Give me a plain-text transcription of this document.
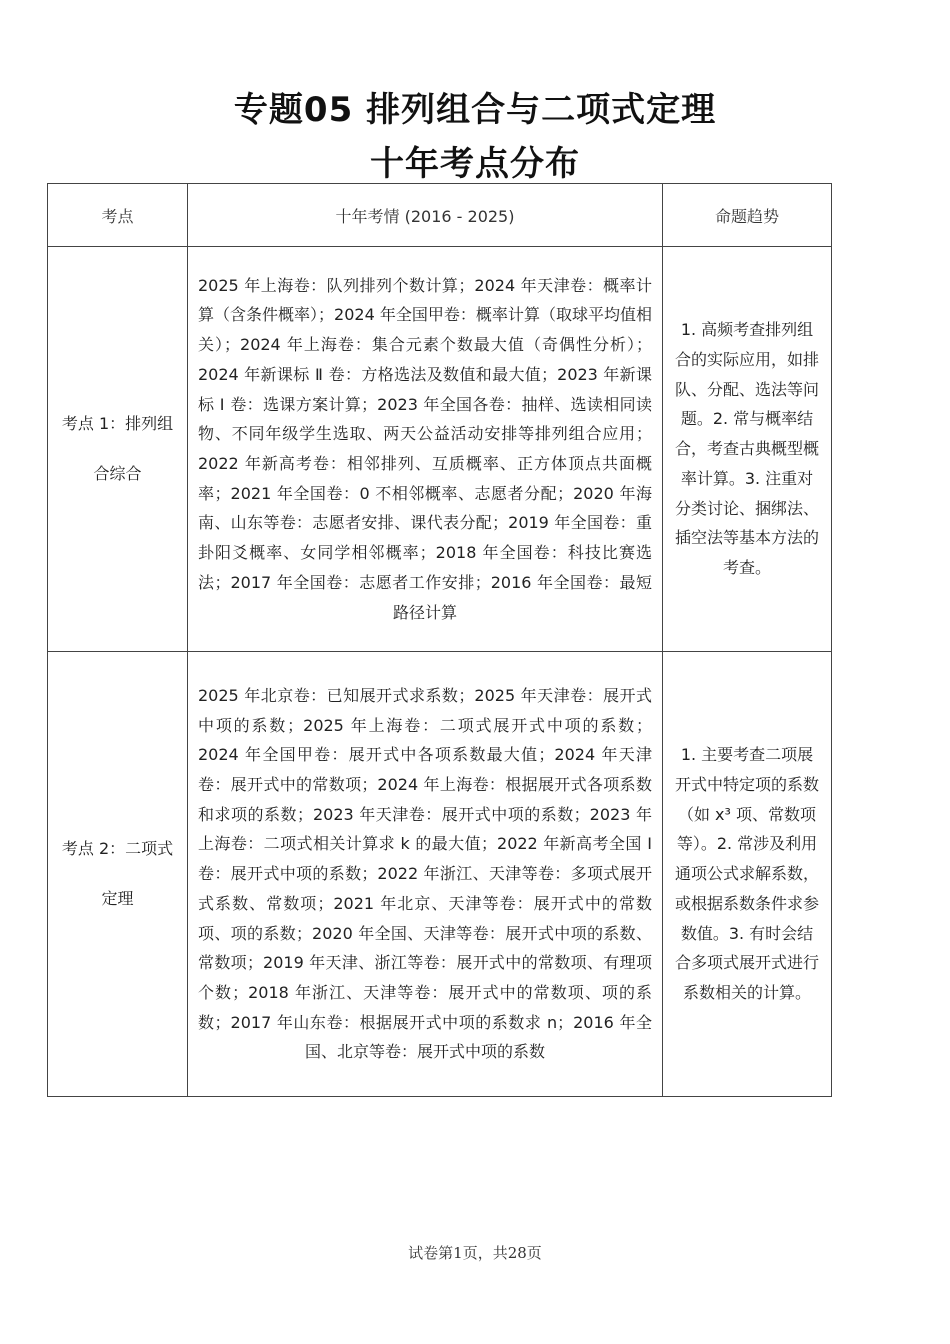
专题05 排列组合与二项式定理
十年考点分布
考点	十年考情 (2016 - 2025)	命题趋势
考点 1：排列组合综合	2025 年上海卷：队列排列个数计算；2024 年天津卷：概率计算（含条件概率）；2024 年全国甲卷：概率计算（取球平均值相关）；2024 年上海卷：集合元素个数最大值（奇偶性分析）；2024 年新课标 Ⅱ 卷：方格选法及数值和最大值；2023 年新课标 Ⅰ 卷：选课方案计算；2023 年全国各卷：抽样、选读相同读物、不同年级学生选取、两天公益活动安排等排列组合应用；2022 年新高考卷：相邻排列、互质概率、正方体顶点共面概率；2021 年全国卷：0 不相邻概率、志愿者分配；2020 年海南、山东等卷：志愿者安排、课代表分配；2019 年全国卷：重卦阳爻概率、女同学相邻概率；2018 年全国卷：科技比赛选法；2017 年全国卷：志愿者工作安排；2016 年全国卷：最短路径计算	1. 高频考查排列组合的实际应用，如排队、分配、选法等问题。2. 常与概率结合，考查古典概型概率计算。3. 注重对分类讨论、捆绑法、插空法等基本方法的考查。
考点 2：二项式定理	2025 年北京卷：已知展开式求系数；2025 年天津卷：展开式中项的系数；2025 年上海卷：二项式展开式中项的系数；2024 年全国甲卷：展开式中各项系数最大值；2024 年天津卷：展开式中的常数项；2024 年上海卷：根据展开式各项系数和求项的系数；2023 年天津卷：展开式中项的系数；2023 年上海卷：二项式相关计算求 k 的最大值；2022 年新高考全国 Ⅰ 卷：展开式中项的系数；2022 年浙江、天津等卷：多项式展开式系数、常数项；2021 年北京、天津等卷：展开式中的常数项、项的系数；2020 年全国、天津等卷：展开式中项的系数、常数项；2019 年天津、浙江等卷：展开式中的常数项、有理项个数；2018 年浙江、天津等卷：展开式中的常数项、项的系数；2017 年山东卷：根据展开式中项的系数求 n；2016 年全国、北京等卷：展开式中项的系数	1. 主要考查二项展开式中特定项的系数（如 x³ 项、常数项等）。2. 常涉及利用通项公式求解系数，或根据系数条件求参数值。3. 有时会结合多项式展开式进行系数相关的计算。
试卷第1页，共28页
